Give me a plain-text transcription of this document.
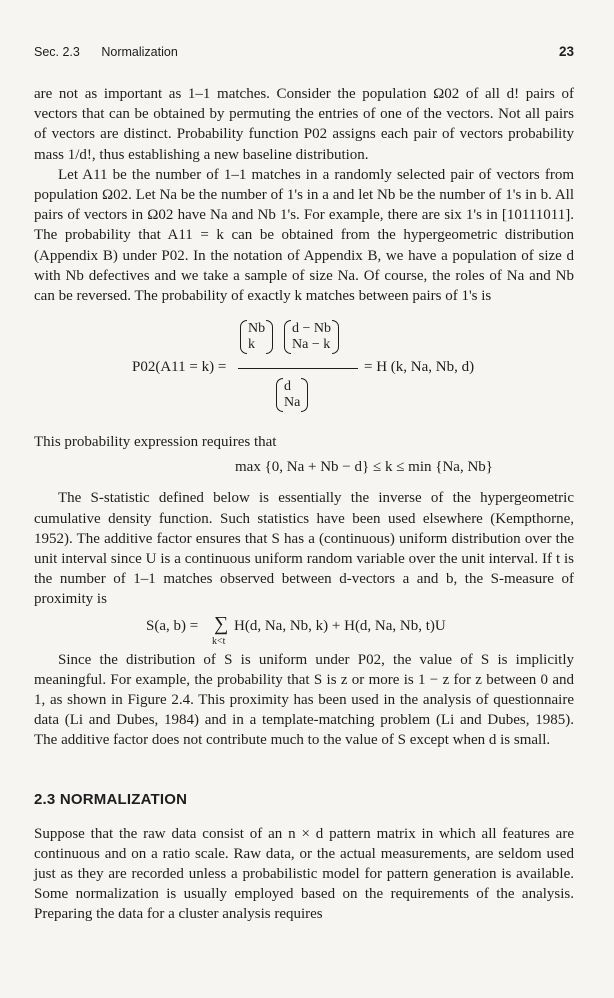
Sec. 2.3 Normalization	23

are not as important as 1–1 matches. Consider the population Ω02 of all d! pairs of vectors that can be obtained by permuting the entries of one of the vectors. Not all pairs of vectors are distinct. Probability function P02 assigns each pair of vectors probability mass 1/d!, thus establishing a new baseline distribution.

Let A11 be the number of 1–1 matches in a randomly selected pair of vectors from population Ω02. Let Na be the number of 1's in a and let Nb be the number of 1's in b. All pairs of vectors in Ω02 have Na and Nb 1's. For example, there are six 1's in [10111011]. The probability that A11 = k can be obtained from the hypergeometric distribution (Appendix B) under P02. In the notation of Appendix B, we have a population of size d with Nb defectives and we take a sample of size Na. Of course, the roles of Na and Nb can be reversed. The probability of exactly k matches between pairs of 1's is

P02(A11 = k) =
Nb
k
d − Nb
Na − k
d
Na
= H (k, Na, Nb, d)

This probability expression requires that

max {0, Na + Nb − d} ≤ k ≤ min {Na, Nb}

The S-statistic defined below is essentially the inverse of the hypergeometric cumulative density function. Such statistics have been used elsewhere (Kempthorne, 1952). The additive factor ensures that S has a (continuous) uniform distribution over the unit interval since U is a continuous uniform random variable over the unit interval. If t is the number of 1–1 matches observed between d-vectors a and b, the S-measure of proximity is

S(a, b) = ∑
k<t
H(d, Na, Nb, k) + H(d, Na, Nb, t)U

Since the distribution of S is uniform under P02, the value of S is implicitly meaningful. For example, the probability that S is z or more is 1 − z for z between 0 and 1, as shown in Figure 2.4. This proximity has been used in the analysis of questionnaire data (Li and Dubes, 1984) and in a template-matching problem (Li and Dubes, 1985). The additive factor does not contribute much to the value of S except when d is small.

2.3 NORMALIZATION

Suppose that the raw data consist of an n × d pattern matrix in which all features are continuous and on a ratio scale. Raw data, or the actual measurements, are seldom used just as they are recorded unless a probabilistic model for pattern generation is available. Some normalization is usually employed based on the requirements of the analysis. Preparing the data for a cluster analysis requires
